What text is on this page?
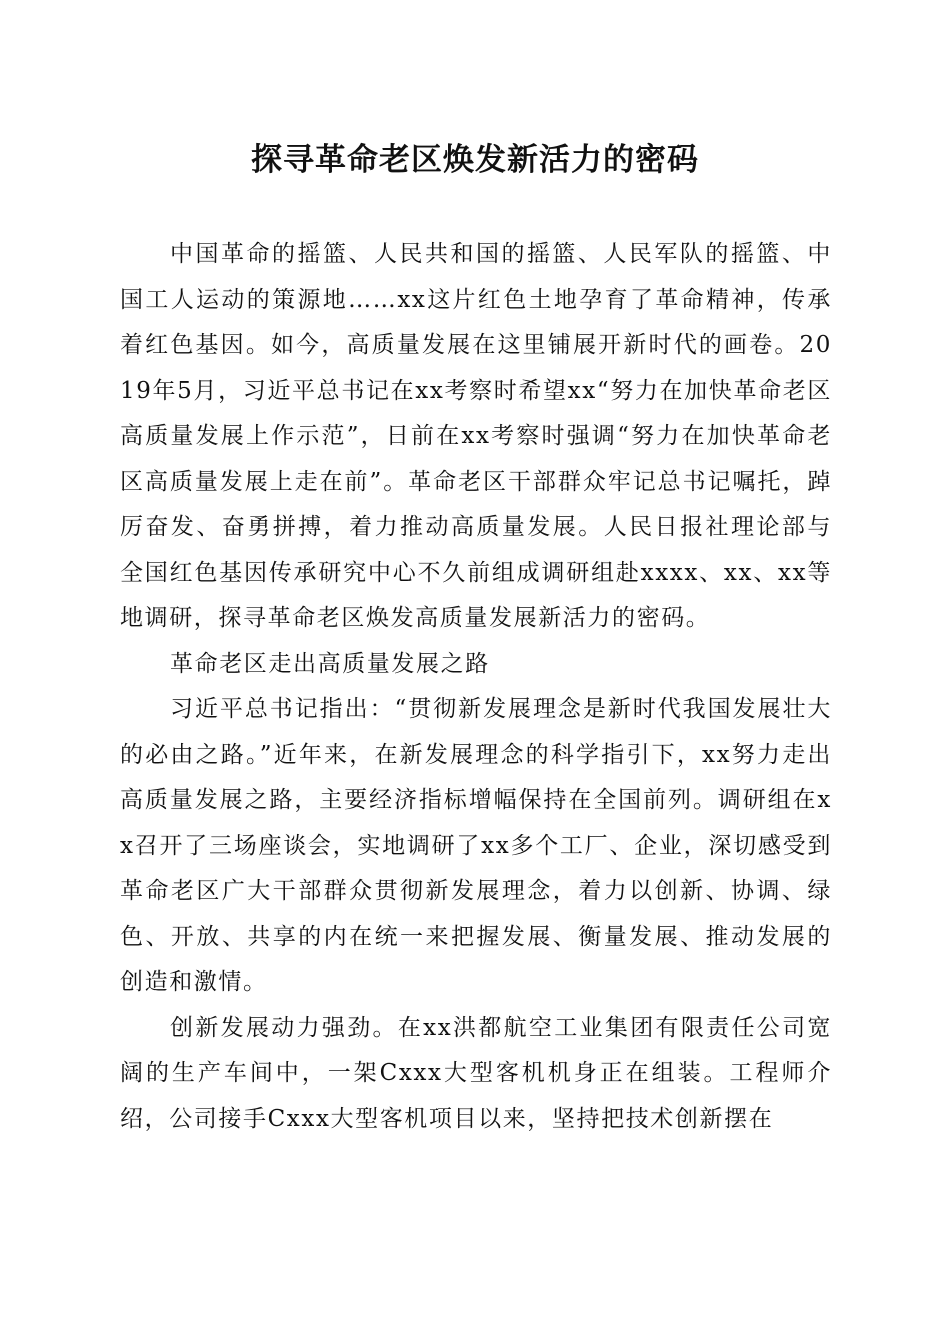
探寻革命老区焕发新活力的密码

中国革命的摇篮、人民共和国的摇篮、人民军队的摇篮、中国工人运动的策源地……xx这片红色土地孕育了革命精神，传承着红色基因。如今，高质量发展在这里铺展开新时代的画卷。2019年5月，习近平总书记在xx考察时希望xx“努力在加快革命老区高质量发展上作示范”，日前在xx考察时强调“努力在加快革命老区高质量发展上走在前”。革命老区干部群众牢记总书记嘱托，踔厉奋发、奋勇拼搏，着力推动高质量发展。人民日报社理论部与全国红色基因传承研究中心不久前组成调研组赴xxxx、xx、xx等地调研，探寻革命老区焕发高质量发展新活力的密码。

革命老区走出高质量发展之路

习近平总书记指出：“贯彻新发展理念是新时代我国发展壮大的必由之路。”近年来，在新发展理念的科学指引下，xx努力走出高质量发展之路，主要经济指标增幅保持在全国前列。调研组在xx召开了三场座谈会，实地调研了xx多个工厂、企业，深切感受到革命老区广大干部群众贯彻新发展理念，着力以创新、协调、绿色、开放、共享的内在统一来把握发展、衡量发展、推动发展的创造和激情。

创新发展动力强劲。在xx洪都航空工业集团有限责任公司宽阔的生产车间中，一架Cxxx大型客机机身正在组装。工程师介绍，公司接手Cxxx大型客机项目以来，坚持把技术创新摆在
